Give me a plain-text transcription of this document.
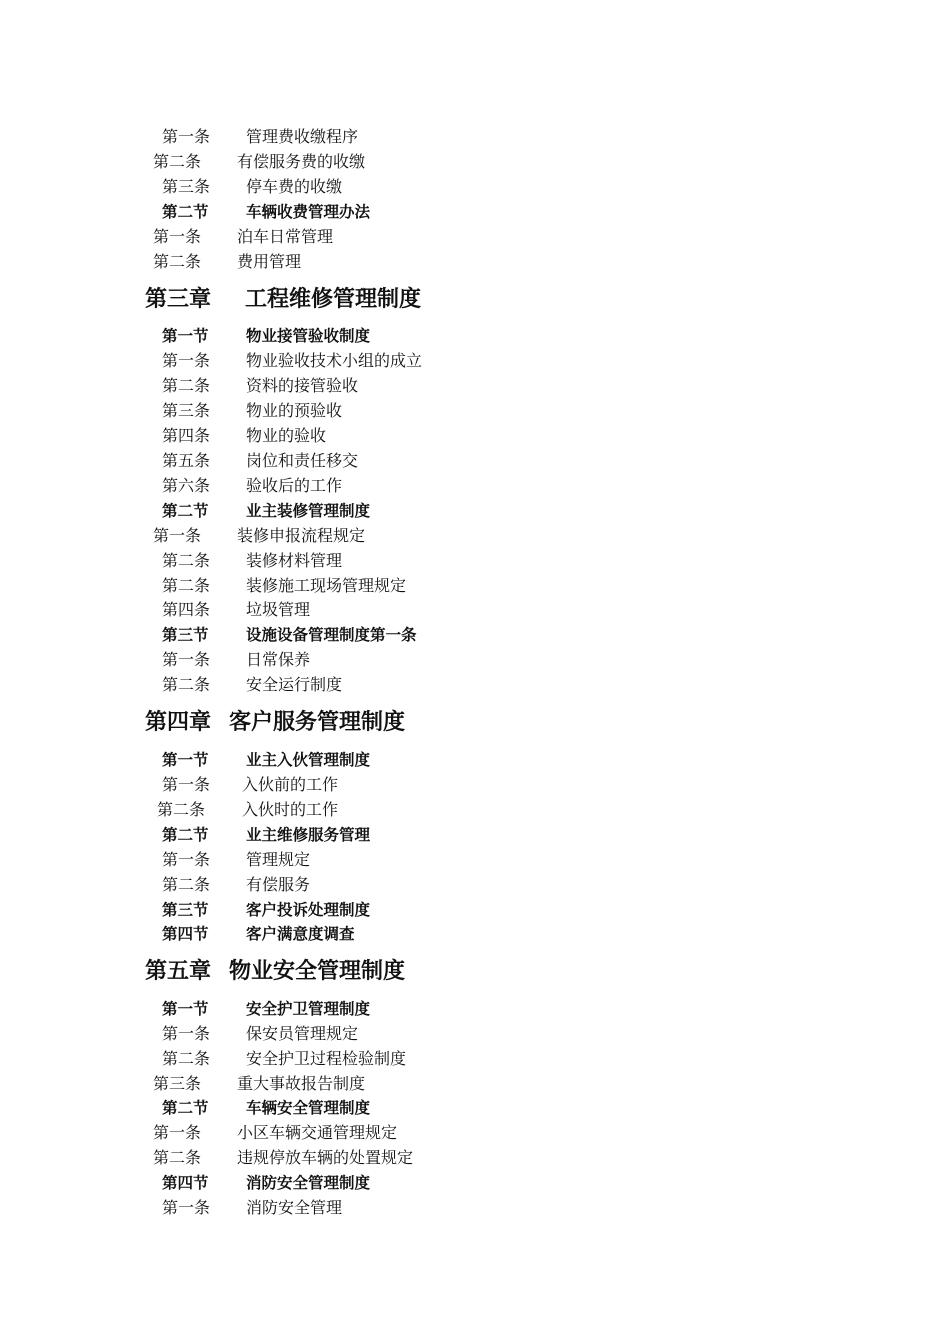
第一条 管理费收缴程序
第二条 有偿服务费的收缴
第三条 停车费的收缴
第二节 车辆收费管理办法
第一条 泊车日常管理
第二条 费用管理
第三章 工程维修管理制度
第一节 物业接管验收制度
第一条 物业验收技术小组的成立
第二条 资料的接管验收
第三条 物业的预验收
第四条 物业的验收
第五条 岗位和责任移交
第六条 验收后的工作
第二节 业主装修管理制度
第一条 装修申报流程规定
第二条 装修材料管理
第二条 装修施工现场管理规定
第四条 垃圾管理
第三节 设施设备管理制度第一条
第一条 日常保养
第二条 安全运行制度
第四章 客户服务管理制度
第一节 业主入伙管理制度
第一条 入伙前的工作
第二条 入伙时的工作
第二节 业主维修服务管理
第一条 管理规定
第二条 有偿服务
第三节 客户投诉处理制度
第四节 客户满意度调查
第五章 物业安全管理制度
第一节 安全护卫管理制度
第一条 保安员管理规定
第二条 安全护卫过程检验制度
第三条 重大事故报告制度
第二节 车辆安全管理制度
第一条 小区车辆交通管理规定
第二条 违规停放车辆的处置规定
第四节 消防安全管理制度
第一条 消防安全管理
